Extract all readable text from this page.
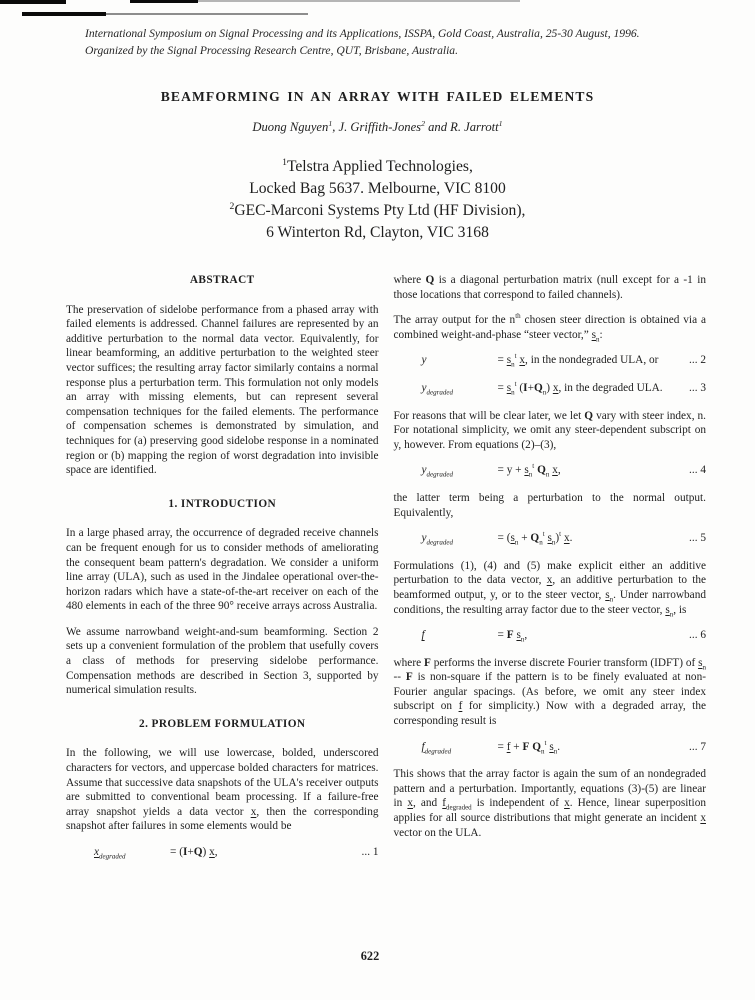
International Symposium on Signal Processing and its Applications, ISSPA, Gold Coast, Australia, 25-30 August, 1996.
Organized by the Signal Processing Research Centre, QUT, Brisbane, Australia.
BEAMFORMING IN AN ARRAY WITH FAILED ELEMENTS
Duong Nguyen$^1$, J. Griffith-Jones$^2$ and R. Jarrott$^1$
$^1$Telstra Applied Technologies,
Locked Bag 5637. Melbourne, VIC 8100
$^2$GEC-Marconi Systems Pty Ltd (HF Division),
6 Winterton Rd, Clayton, VIC 3168
ABSTRACT

The preservation of sidelobe performance from a phased array with failed elements is addressed. Channel failures are represented by an additive perturbation to the normal data vector. Equivalently, for linear beamforming, an additive perturbation to the weighted steer vector suffices; the resulting array factor similarly contains a normal response plus a perturbation term. This formulation not only models an array with missing elements, but can represent several compensation techniques for the failed elements. The performance of compensation schemes is demonstrated by simulation, and techniques for (a) preserving good sidelobe response in a nominated region or (b) mapping the region of worst degradation into invisible space are identified.

1. INTRODUCTION

In a large phased array, the occurrence of degraded receive channels can be frequent enough for us to consider methods of ameliorating the consequent beam pattern's degradation. We consider a uniform line array (ULA), such as used in the Jindalee operational over-the-horizon radars which have a state-of-the-art receiver on each of the 480 elements in each of the three 90° receive arrays across Australia.

We assume narrowband weight-and-sum beamforming. Section 2 sets up a convenient formulation of the problem that usefully covers a class of methods for preserving sidelobe performance. Compensation methods are described in Section 3, supported by numerical simulation results.

2. PROBLEM FORMULATION

In the following, we will use lowercase, bolded, underscored characters for vectors, and uppercase bolded characters for matrices. Assume that successive data snapshots of the ULA's receiver outputs are submitted to conventional beam processing. If a failure-free array snapshot yields a data vector x, then the corresponding snapshot after failures in some elements would be

$x_{degraded}$	= (I+Q) x,	... 1

where Q is a diagonal perturbation matrix (null except for a -1 in those locations that correspond to failed channels).

The array output for the $n^{th}$ chosen steer direction is obtained via a combined weight-and-phase “steer vector,” $s_n$:

y	= $s_n^t$ x, in the nondegraded ULA, or	... 2
$y_{degraded}$	= $s_n^t$ $(I+Q_n)$ x, in the degraded ULA.	... 3

For reasons that will be clear later, we let Q vary with steer index, n. For notational simplicity, we omit any steer-dependent subscript on y, however. From equations (2)–(3),

$y_{degraded}$	= $y + s_n^t$ $Q_n$ x,	... 4

the latter term being a perturbation to the normal output. Equivalently,

$y_{degraded}$	= ($s_n + Q_n^t$ $s_n)^t$ x.	... 5

Formulations (1), (4) and (5) make explicit either an additive perturbation to the data vector, x, an additive perturbation to the beamformed output, y, or to the steer vector, $s_n$. Under narrowband conditions, the resulting array factor due to the steer vector, $s_n$, is

f	= F $s_n$,	... 6

where F performs the inverse discrete Fourier transform (IDFT) of $s_n$ -- F is non-square if the pattern is to be finely evaluated at non-Fourier angular spacings. (As before, we omit any steer index subscript on f for simplicity.) Now with a degraded array, the corresponding result is

$f_{degraded}$	= f + F $Q_n^t$ $s_n$.	... 7

This shows that the array factor is again the sum of an nondegraded pattern and a perturbation. Importantly, equations (3)-(5) are linear in x, and $f_{degraded}$ is independent of x. Hence, linear superposition applies for all source distributions that might generate an incident x vector on the ULA.

622
